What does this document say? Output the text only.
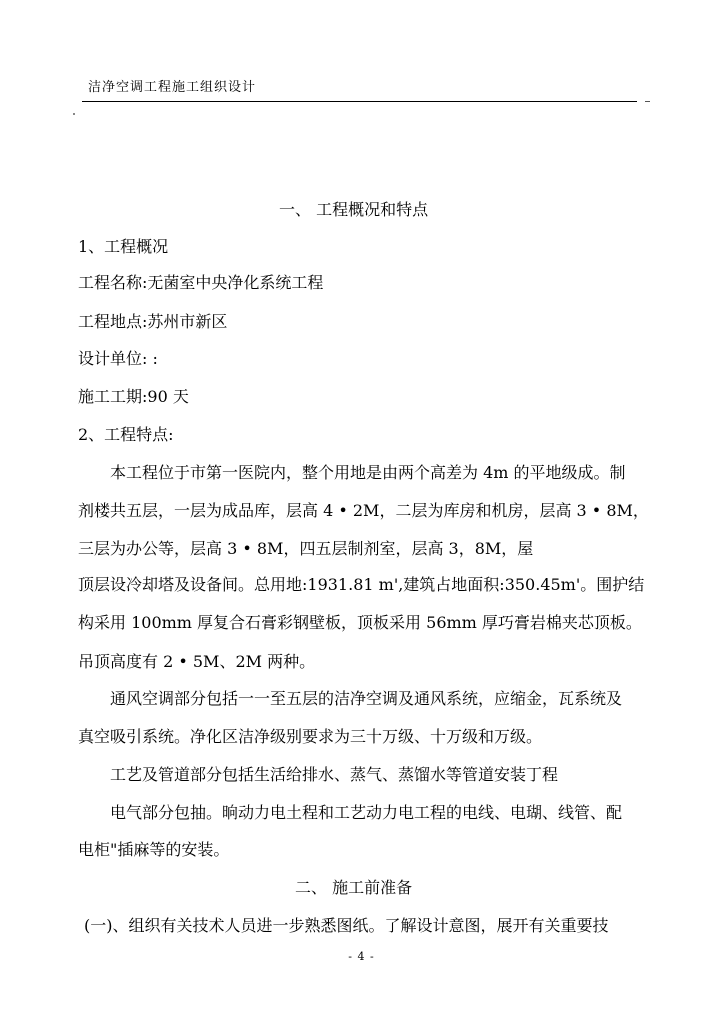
洁净空调工程施工组织设计
一、 工程概况和特点
1、工程概况
工程名称:无菌室中央净化系统工程
工程地点:苏州市新区
设计单位: :
施工工期:90 天
2、工程特点:
本工程位于市第一医院内，整个用地是由两个高差为 4m 的平地级成。制
剂楼共五层，一层为成品库，层高 4 • 2M，二层为库房和机房，层高 3 • 8M，
三层为办公等，层高 3 • 8M，四五层制剂室，层高 3，8M，屋
顶层设冷却塔及设备间。总用地:1931.81 m',建筑占地面积:350.45m'。围护结
构采用 100mm 厚复合石膏彩钢壁板，顶板采用 56mm 厚巧膏岩棉夹芯顶板。
吊顶高度有 2 • 5M、2M 两种。
通风空调部分包括一一至五层的洁净空调及通风系统，应缩金，瓦系统及
真空吸引系统。净化区洁净级别要求为三十万级、十万级和万级。
工艺及管道部分包括生活给排水、蒸气、蒸馏水等管道安装丁程
电气部分包抽。晌动力电土程和工艺动力电工程的电线、电瑚、线管、配
电柜"插麻等的安装。
二、 施工前准备
(一)、组织有关技术人员进一步熟悉图纸。了解设计意图，展开有关重要技
- 4 -
